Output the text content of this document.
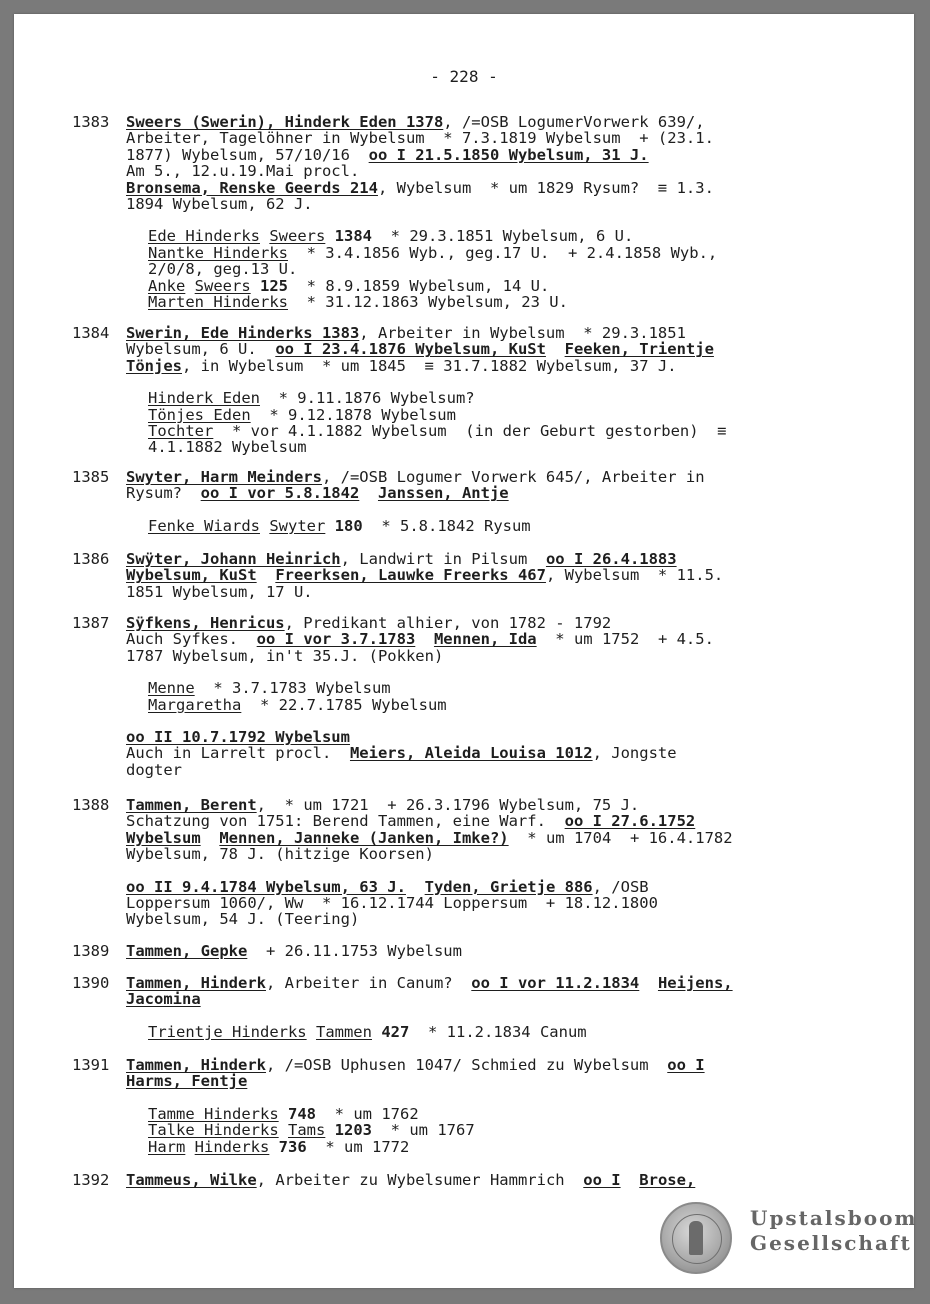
- 228 -
1383 Sweers (Swerin), Hinderk Eden 1378, /=OSB LogumerVorwerk 639/,
Arbeiter, Tagelöhner in Wybelsum  * 7.3.1819 Wybelsum  + (23.1.
1877) Wybelsum, 57/10/16  oo I 21.5.1850 Wybelsum, 31 J.
Am 5., 12.u.19.Mai procl.
Bronsema, Renske Geerds 214, Wybelsum  * um 1829 Rysum?  ≡ 1.3.
1894 Wybelsum, 62 J.
Ede Hinderks Sweers 1384  * 29.3.1851 Wybelsum, 6 U.
Nantke Hinderks  * 3.4.1856 Wyb., geg.17 U.  + 2.4.1858 Wyb.,
2/0/8, geg.13 U.
Anke Sweers 125  * 8.9.1859 Wybelsum, 14 U.
Marten Hinderks  * 31.12.1863 Wybelsum, 23 U.
1384 Swerin, Ede Hinderks 1383, Arbeiter in Wybelsum  * 29.3.1851
Wybelsum, 6 U.  oo I 23.4.1876 Wybelsum, KuSt Feeken, Trientje
Tönjes, in Wybelsum  * um 1845  ≡ 31.7.1882 Wybelsum, 37 J.
Hinderk Eden  * 9.11.1876 Wybelsum?
Tönjes Eden  * 9.12.1878 Wybelsum
Tochter  * vor 4.1.1882 Wybelsum  (in der Geburt gestorben)  ≡
4.1.1882 Wybelsum
1385 Swyter, Harm Meinders, /=OSB Logumer Vorwerk 645/, Arbeiter in
Rysum?  oo I vor 5.8.1842 Janssen, Antje
Fenke Wiards Swyter 180  * 5.8.1842 Rysum
1386 Swÿter, Johann Heinrich, Landwirt in Pilsum  oo I 26.4.1883
Wybelsum, KuSt Freerksen, Lauwke Freerks 467, Wybelsum  * 11.5.
1851 Wybelsum, 17 U.
1387 Sÿfkens, Henricus, Predikant alhier, von 1782 - 1792
Auch Syfkes.  oo I vor 3.7.1783 Mennen, Ida  * um 1752  + 4.5.
1787 Wybelsum, in't 35.J. (Pokken)
Menne  * 3.7.1783 Wybelsum
Margaretha  * 22.7.1785 Wybelsum
oo II 10.7.1792 Wybelsum
Auch in Larrelt procl.  Meiers, Aleida Louisa 1012, Jongste
dogter
1388 Tammen, Berent,  * um 1721  + 26.3.1796 Wybelsum, 75 J.
Schatzung von 1751: Berend Tammen, eine Warf.  oo I 27.6.1752
Wybelsum Mennen, Janneke (Janken, Imke?)  * um 1704  + 16.4.1782
Wybelsum, 78 J. (hitzige Koorsen)
oo II 9.4.1784 Wybelsum, 63 J. Tyden, Grietje 886, /OSB
Loppersum 1060/, Ww  * 16.12.1744 Loppersum  + 18.12.1800
Wybelsum, 54 J. (Teering)
1389 Tammen, Gepke  + 26.11.1753 Wybelsum
1390 Tammen, Hinderk, Arbeiter in Canum?  oo I vor 11.2.1834 Heijens,
Jacomina
Trientje Hinderks Tammen 427  * 11.2.1834 Canum
1391 Tammen, Hinderk, /=OSB Uphusen 1047/ Schmied zu Wybelsum  oo I
Harms, Fentje
Tamme Hinderks 748  * um 1762
Talke Hinderks Tams 1203  * um 1767
Harm Hinderks 736  * um 1772
1392 Tammeus, Wilke, Arbeiter zu Wybelsumer Hammrich  oo I Brose,
Upstalsboom
Gesellschaft
